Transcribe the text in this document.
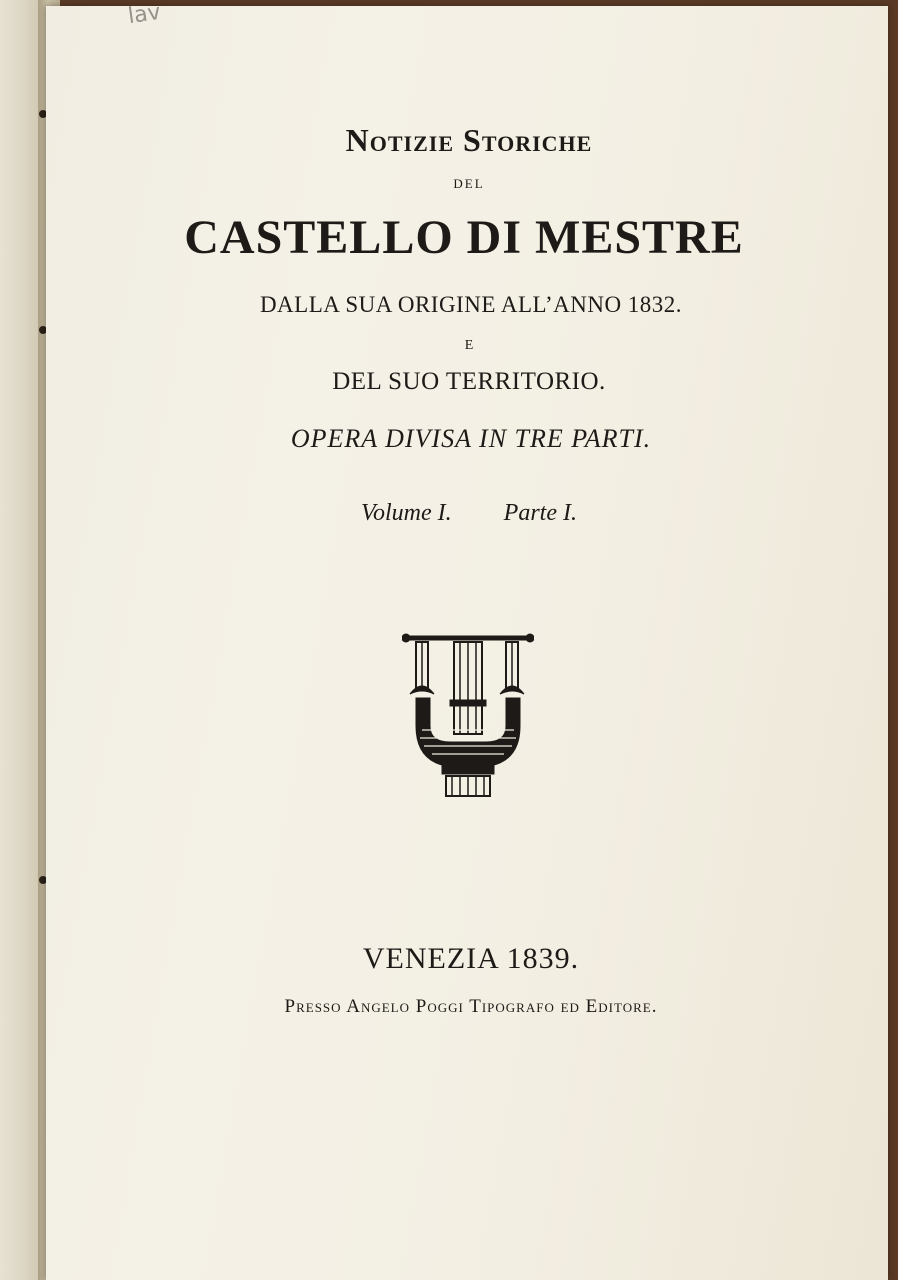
lav
Notizie Storiche
del
CASTELLO DI MESTRE
DALLA SUA ORIGINE ALL’ANNO 1832.
E
DEL SUO TERRITORIO.
OPERA DIVISA IN TRE PARTI.
Volume I. Parte I.
VENEZIA 1839.
Presso Angelo Poggi Tipografo ed Editore.
